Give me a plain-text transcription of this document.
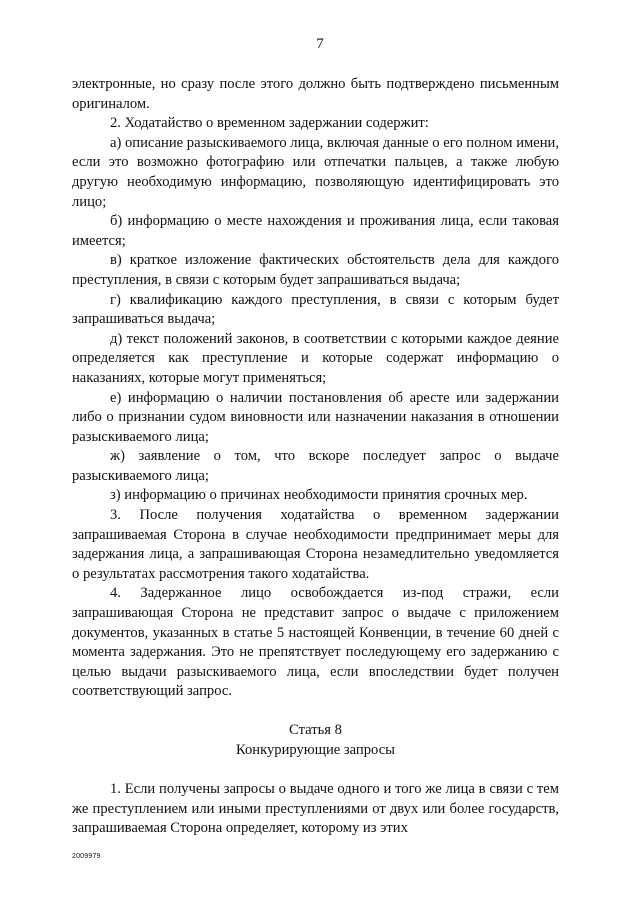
7

электронные, но сразу после этого должно быть подтверждено письменным оригиналом.

2. Ходатайство о временном задержании содержит:

а) описание разыскиваемого лица, включая данные о его полном имени, если это возможно фотографию или отпечатки пальцев, а также любую другую необходимую информацию, позволяющую идентифицировать это лицо;

б) информацию о месте нахождения и проживания лица, если таковая имеется;

в) краткое изложение фактических обстоятельств дела для каждого преступления, в связи с которым будет запрашиваться выдача;

г) квалификацию каждого преступления, в связи с которым будет запрашиваться выдача;

д) текст положений законов, в соответствии с которыми каждое деяние определяется как преступление и которые содержат информацию о наказаниях, которые могут применяться;

е) информацию о наличии постановления об аресте или задержании либо о признании судом виновности или назначении наказания в отношении разыскиваемого лица;

ж) заявление о том, что вскоре последует запрос о выдаче разыскиваемого лица;

з) информацию о причинах необходимости принятия срочных мер.

3. После получения ходатайства о временном задержании запрашиваемая Сторона в случае необходимости предпринимает меры для задержания лица, а запрашивающая Сторона незамедлительно уведомляется о результатах рассмотрения такого ходатайства.

4. Задержанное лицо освобождается из-под стражи, если запрашивающая Сторона не представит запрос о выдаче с приложением документов, указанных в статье 5 настоящей Конвенции, в течение 60 дней с момента задержания. Это не препятствует последующему его задержанию с целью выдачи разыскиваемого лица, если впоследствии будет получен соответствующий запрос.

Статья 8
Конкурирующие запросы

1. Если получены запросы о выдаче одного и того же лица в связи с тем же преступлением или иными преступлениями от двух или более государств, запрашиваемая Сторона определяет, которому из этих

2009979
